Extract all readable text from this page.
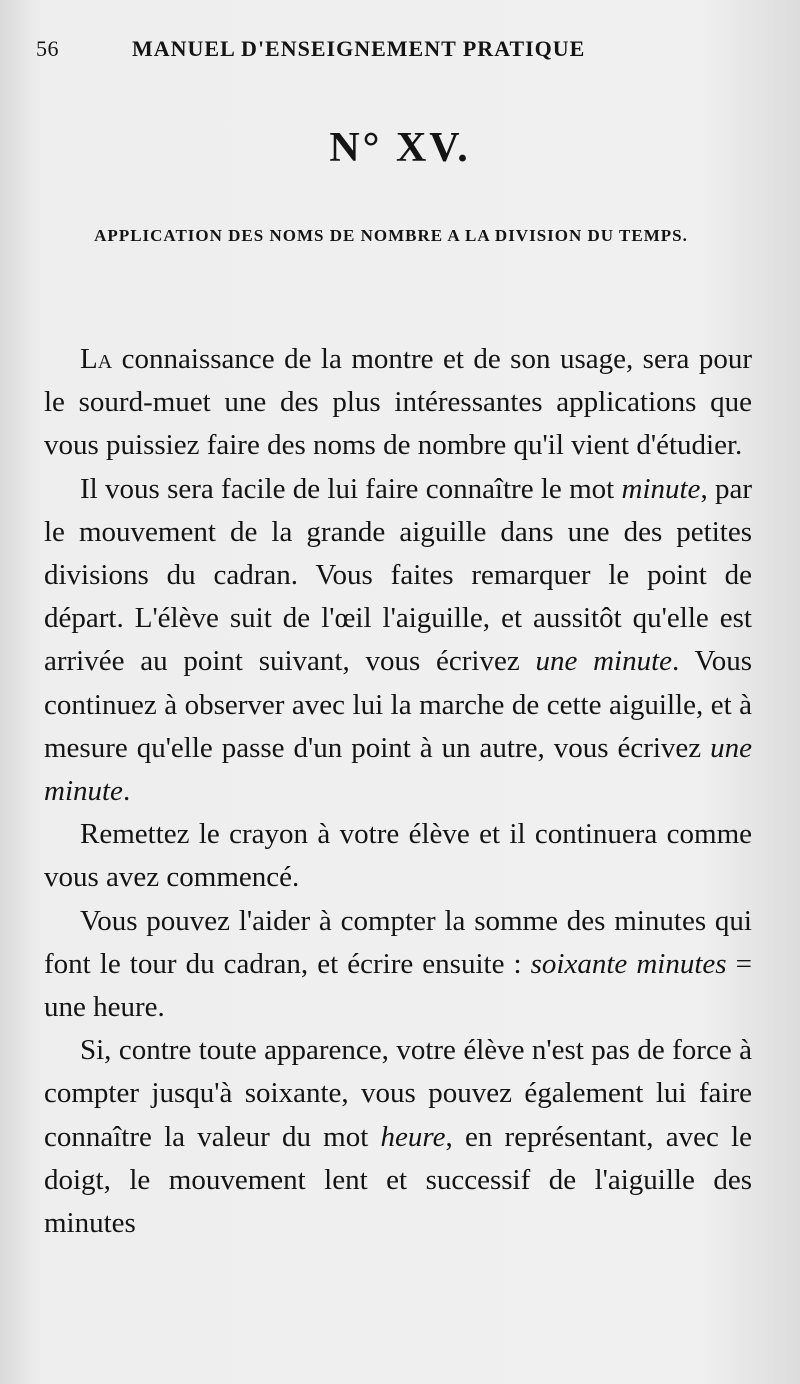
56	MANUEL D'ENSEIGNEMENT PRATIQUE
N° XV.
APPLICATION DES NOMS DE NOMBRE A LA DIVISION DU TEMPS.

La connaissance de la montre et de son usage, sera pour le sourd-muet une des plus intéressantes applications que vous puissiez faire des noms de nombre qu'il vient d'étudier.

Il vous sera facile de lui faire connaître le mot minute, par le mouvement de la grande aiguille dans une des petites divisions du cadran. Vous faites remarquer le point de départ. L'élève suit de l'œil l'aiguille, et aussitôt qu'elle est arrivée au point suivant, vous écrivez une minute. Vous continuez à observer avec lui la marche de cette aiguille, et à mesure qu'elle passe d'un point à un autre, vous écrivez une minute.

Remettez le crayon à votre élève et il continuera comme vous avez commencé.

Vous pouvez l'aider à compter la somme des minutes qui font le tour du cadran, et écrire ensuite : soixante minutes = une heure.

Si, contre toute apparence, votre élève n'est pas de force à compter jusqu'à soixante, vous pouvez également lui faire connaître la valeur du mot heure, en représentant, avec le doigt, le mouvement lent et successif de l'aiguille des minutes
